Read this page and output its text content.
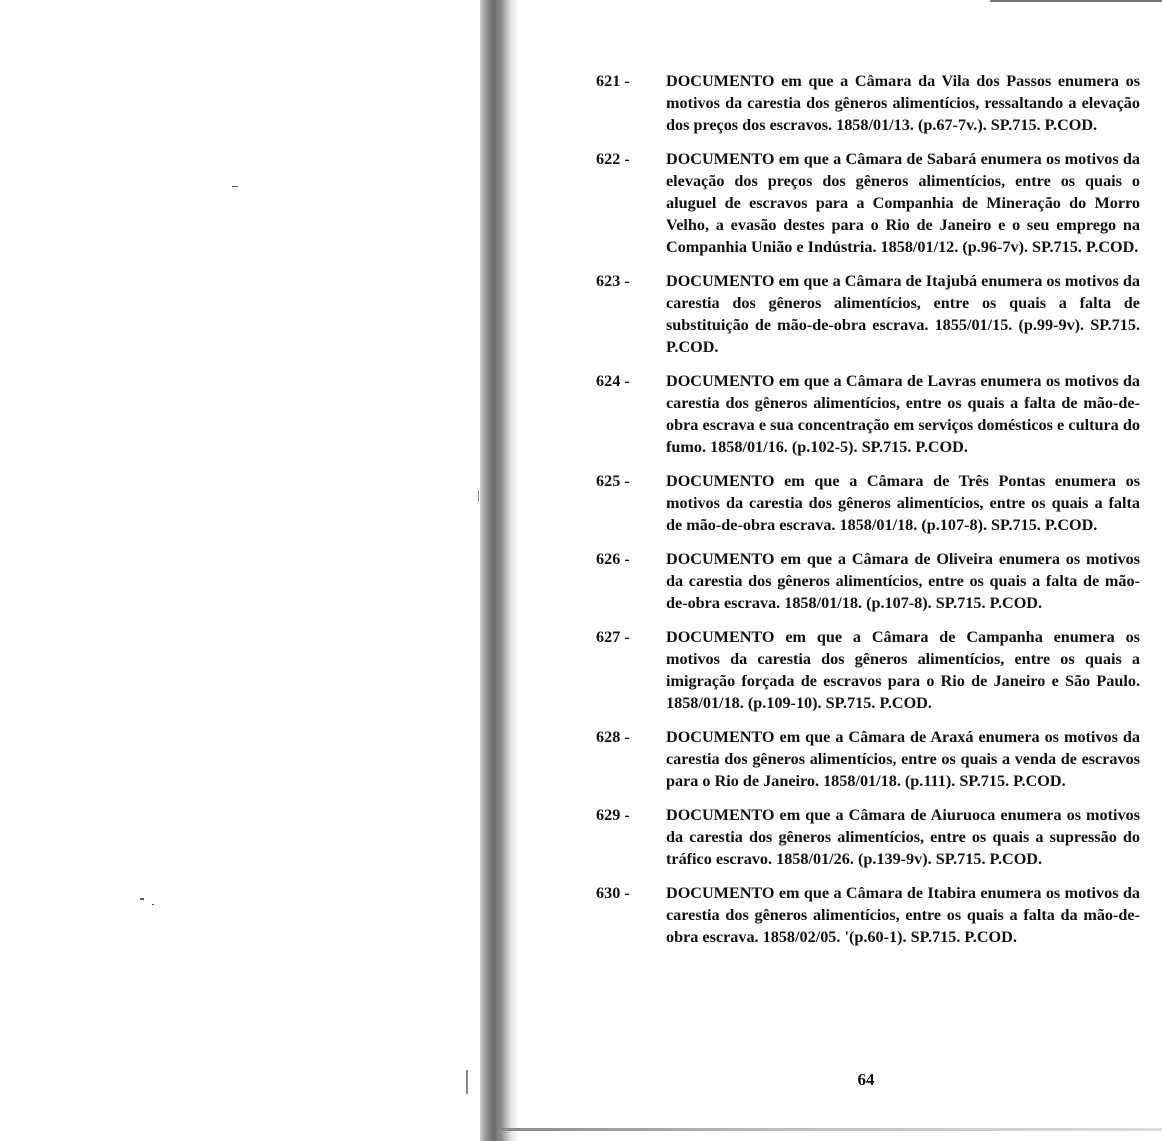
621 -	DOCUMENTO em que a Câmara da Vila dos Passos enumera os motivos da carestia dos gêneros alimentícios, ressaltando a elevação dos preços dos escravos. 1858/01/13. (p.67-7v.). SP.715. P.COD.
622 -	DOCUMENTO em que a Câmara de Sabará enumera os motivos da elevação dos preços dos gêneros alimentícios, entre os quais o aluguel de escravos para a Companhia de Mineração do Morro Velho, a evasão destes para o Rio de Janeiro e o seu emprego na Companhia União e Indústria. 1858/01/12. (p.96-7v). SP.715. P.COD.
623 -	DOCUMENTO em que a Câmara de Itajubá enumera os motivos da carestia dos gêneros alimentícios, entre os quais a falta de substituição de mão-de-obra escrava. 1855/01/15. (p.99-9v). SP.715. P.COD.
624 -	DOCUMENTO em que a Câmara de Lavras enumera os motivos da carestia dos gêneros alimentícios, entre os quais a falta de mão-de-obra escrava e sua concentração em serviços domésticos e cultura do fumo. 1858/01/16. (p.102-5). SP.715. P.COD.
625 -	DOCUMENTO em que a Câmara de Três Pontas enumera os motivos da carestia dos gêneros alimentícios, entre os quais a falta de mão-de-obra escrava. 1858/01/18. (p.107-8). SP.715. P.COD.
626 -	DOCUMENTO em que a Câmara de Oliveira enumera os motivos da carestia dos gêneros alimentícios, entre os quais a falta de mão-de-obra escrava. 1858/01/18. (p.107-8). SP.715. P.COD.
627 -	DOCUMENTO em que a Câmara de Campanha enumera os motivos da carestia dos gêneros alimentícios, entre os quais a imigração forçada de escravos para o Rio de Janeiro e São Paulo. 1858/01/18. (p.109-10). SP.715. P.COD.
628 -	DOCUMENTO em que a Câmara de Araxá enumera os motivos da carestia dos gêneros alimentícios, entre os quais a venda de escravos para o Rio de Janeiro. 1858/01/18. (p.111). SP.715. P.COD.
629 -	DOCUMENTO em que a Câmara de Aiuruoca enumera os motivos da carestia dos gêneros alimentícios, entre os quais a supressão do tráfico escravo. 1858/01/26. (p.139-9v). SP.715. P.COD.
630 -	DOCUMENTO em que a Câmara de Itabira enumera os motivos da carestia dos gêneros alimentícios, entre os quais a falta da mão-de-obra escrava. 1858/02/05. '(p.60-1). SP.715. P.COD.
64
